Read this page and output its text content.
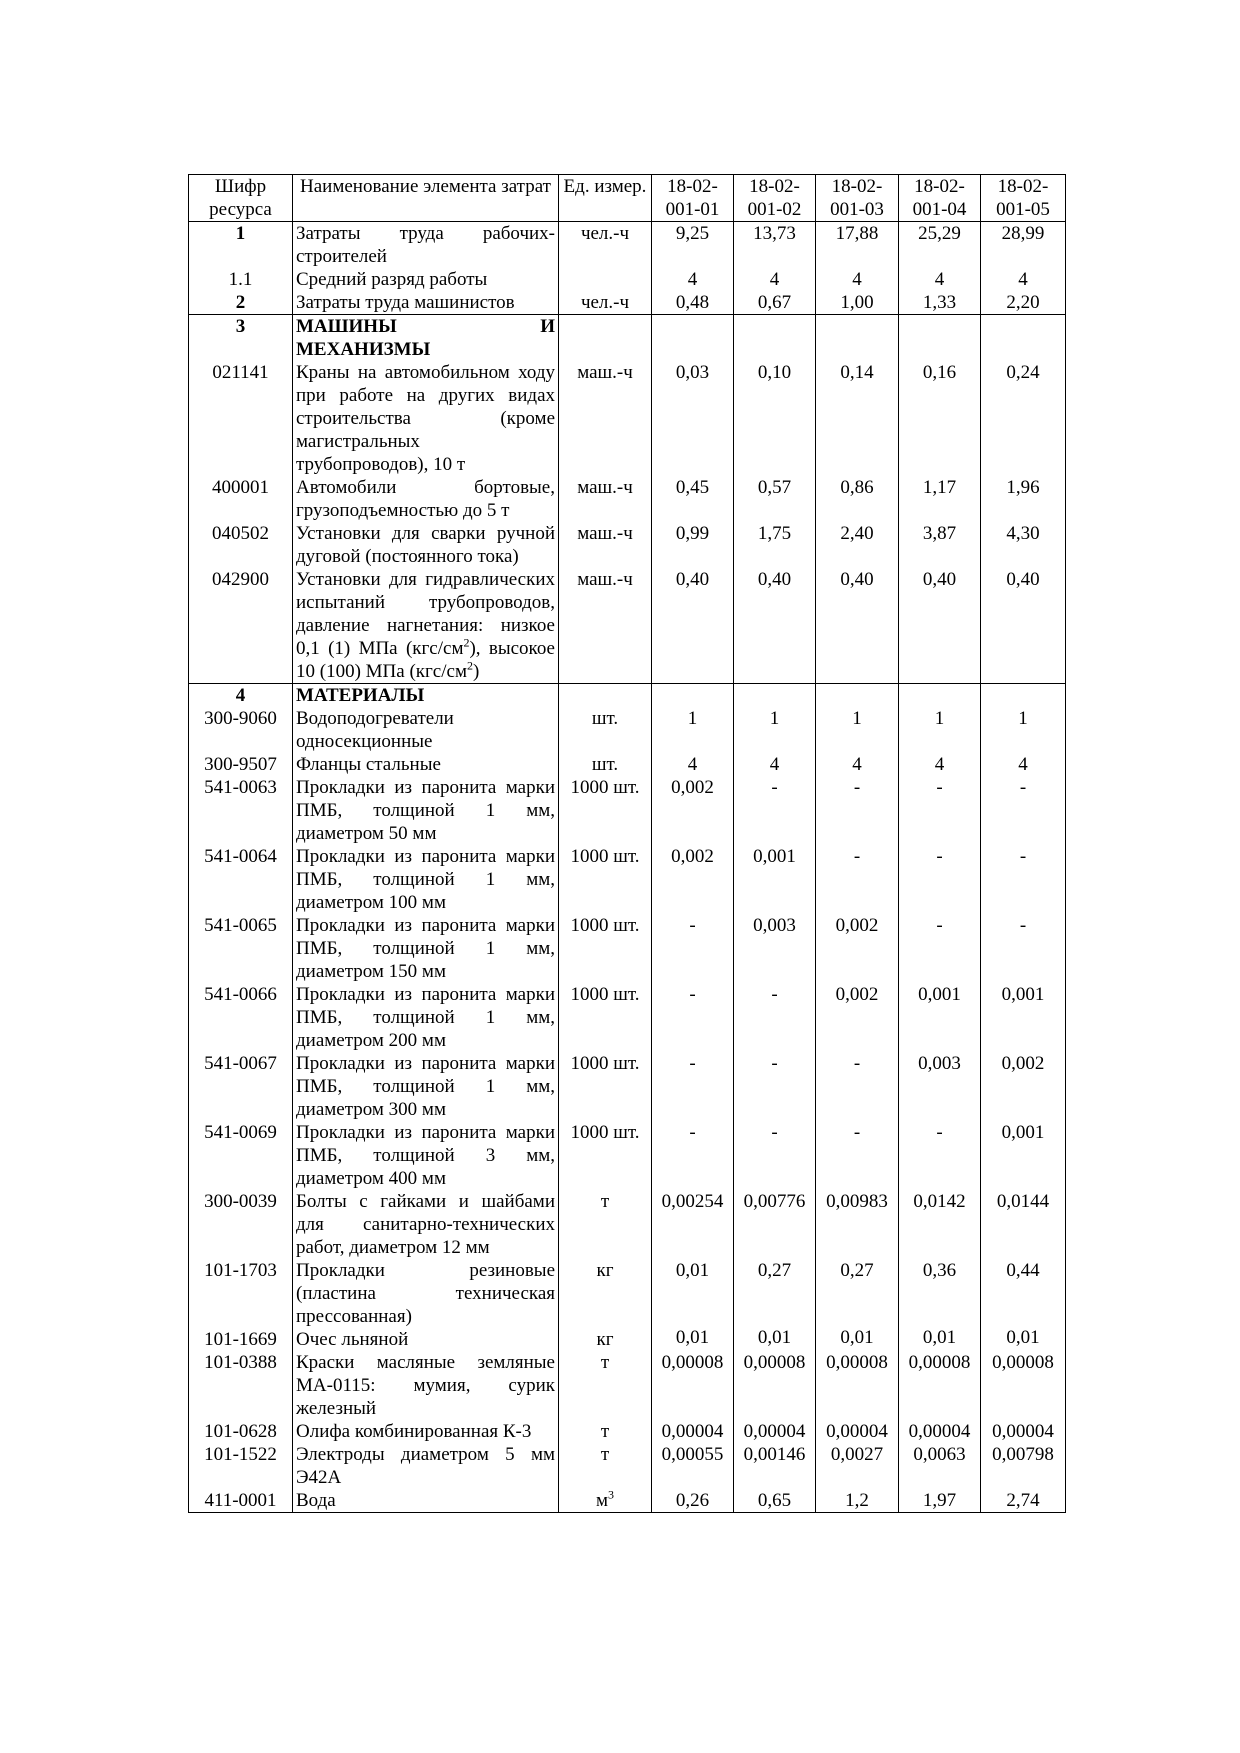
Шифр ресурса	Наименование элемента затрат	Ед. измер.	18-02-001-01	18-02-001-02	18-02-001-03	18-02-001-04	18-02-001-05
1	Затраты труда рабочих-строителей	чел.-ч	9,25	13,73	17,88	25,29	28,99
1.1	Средний разряд работы		4	4	4	4	4
2	Затраты труда машинистов	чел.-ч	0,48	0,67	1,00	1,33	2,20
3	МАШИНЫ И МЕХАНИЗМЫ						
021141	Краны на автомобильном ходу при работе на других видах строительства (кроме магистральных трубопроводов), 10 т	маш.-ч	0,03	0,10	0,14	0,16	0,24
400001	Автомобили бортовые, грузоподъемностью до 5 т	маш.-ч	0,45	0,57	0,86	1,17	1,96
040502	Установки для сварки ручной дуговой (постоянного тока)	маш.-ч	0,99	1,75	2,40	3,87	4,30
042900	Установки для гидравлических испытаний трубопроводов, давление нагнетания: низкое 0,1 (1) МПа $(кгс/см^2)$, высокое 10 (100) МПа $(кгс/см^2)$	маш.-ч	0,40	0,40	0,40	0,40	0,40
4	МАТЕРИАЛЫ						
300-9060	Водоподогреватели односекционные	шт.	1	1	1	1	1
300-9507	Фланцы стальные	шт.	4	4	4	4	4
541-0063	Прокладки из паронита марки ПМБ, толщиной 1 мм, диаметром 50 мм	1000 шт.	0,002	-	-	-	-
541-0064	Прокладки из паронита марки ПМБ, толщиной 1 мм, диаметром 100 мм	1000 шт.	0,002	0,001	-	-	-
541-0065	Прокладки из паронита марки ПМБ, толщиной 1 мм, диаметром 150 мм	1000 шт.	-	0,003	0,002	-	-
541-0066	Прокладки из паронита марки ПМБ, толщиной 1 мм, диаметром 200 мм	1000 шт.	-	-	0,002	0,001	0,001
541-0067	Прокладки из паронита марки ПМБ, толщиной 1 мм, диаметром 300 мм	1000 шт.	-	-	-	0,003	0,002
541-0069	Прокладки из паронита марки ПМБ, толщиной 3 мм, диаметром 400 мм	1000 шт.	-	-	-	-	0,001
300-0039	Болты с гайками и шайбами для санитарно-технических работ, диаметром 12 мм	т	0,00254	0,00776	0,00983	0,0142	0,0144
101-1703	Прокладки резиновые (пластина техническая прессованная)	кг	0,01	0,27	0,27	0,36	0,44
101-1669	Очес льняной	кг	0,01	0,01	0,01	0,01	0,01
101-0388	Краски масляные земляные МА-0115: мумия, сурик железный	т	0,00008	0,00008	0,00008	0,00008	0,00008
101-0628	Олифа комбинированная К-3	т	0,00004	0,00004	0,00004	0,00004	0,00004
101-1522	Электроды диаметром 5 мм Э42А	т	0,00055	0,00146	0,0027	0,0063	0,00798
411-0001	Вода	$м^3$	0,26	0,65	1,2	1,97	2,74
